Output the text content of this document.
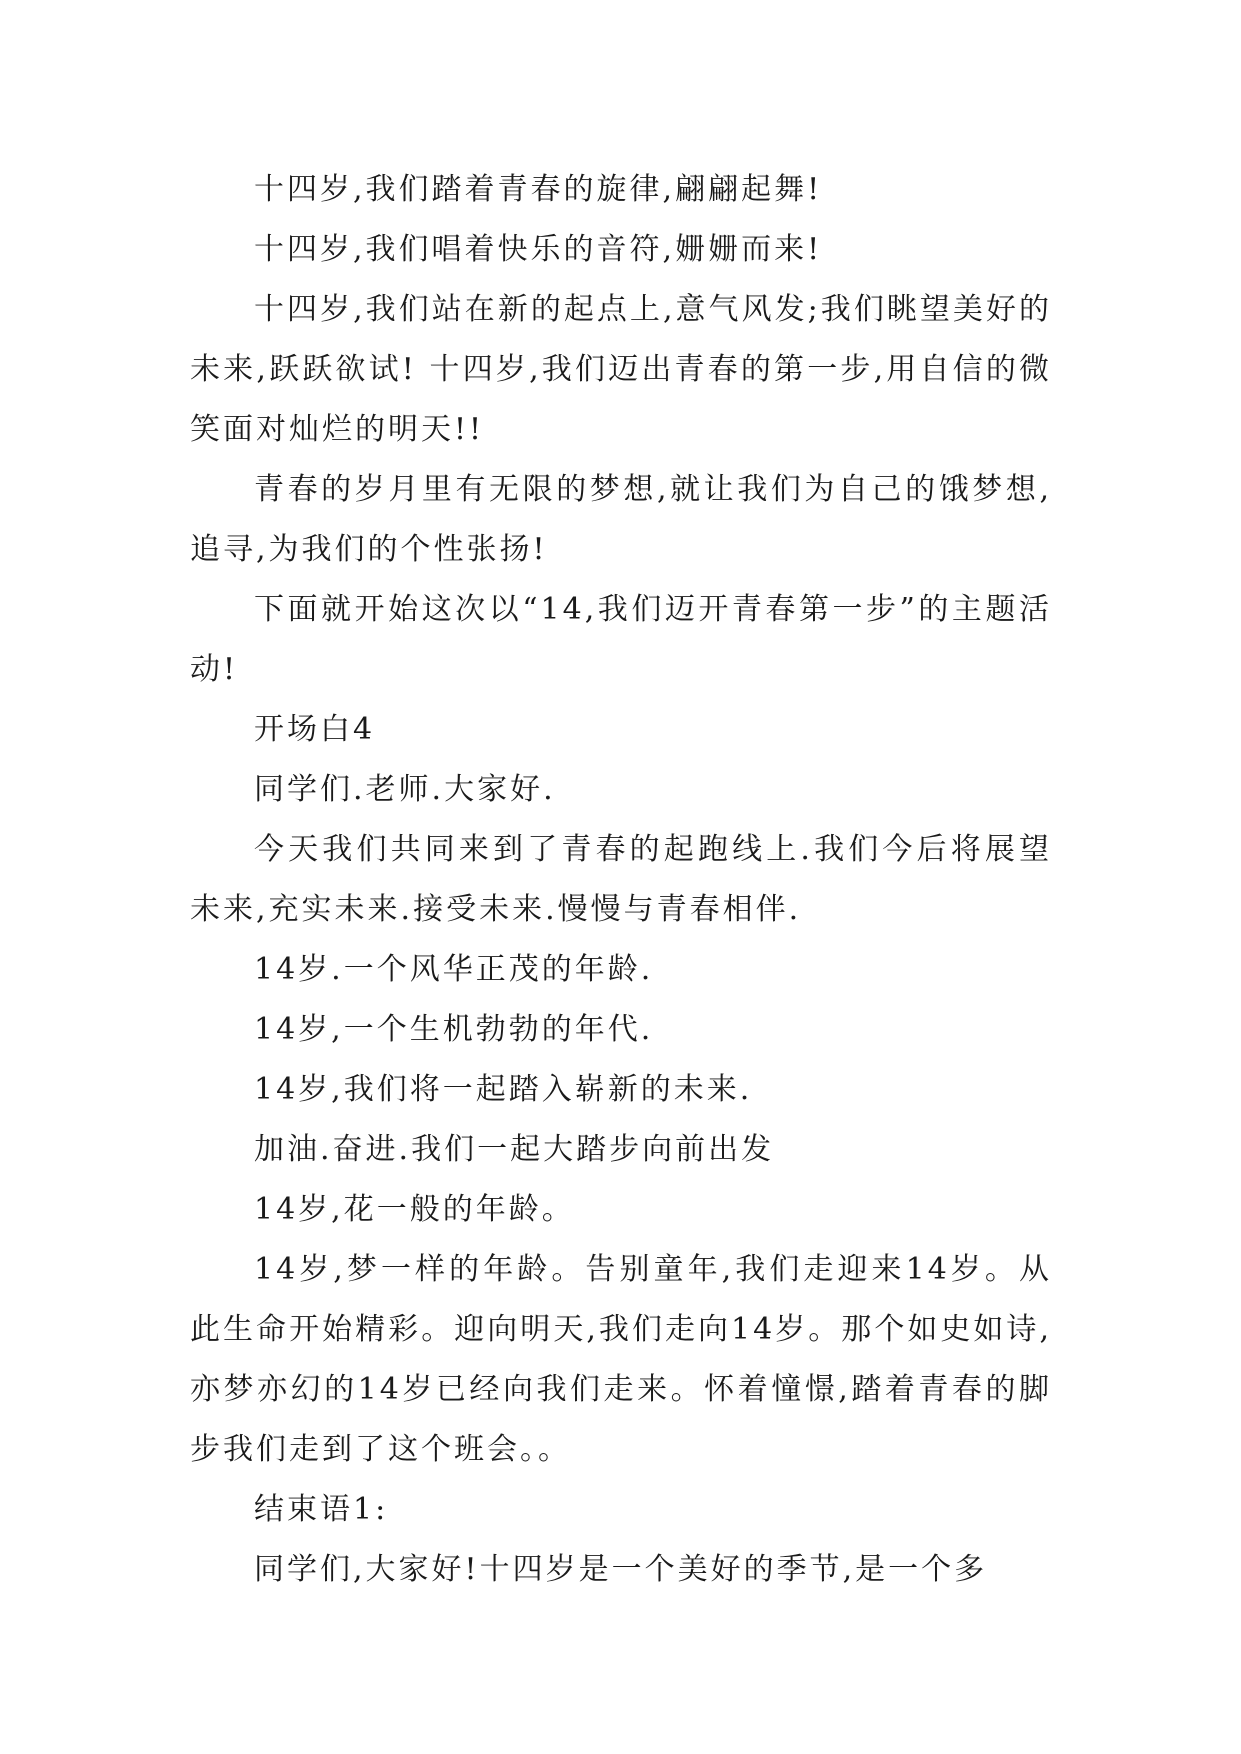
十四岁,我们踏着青春的旋律,翩翩起舞!

十四岁,我们唱着快乐的音符,姗姗而来!

十四岁,我们站在新的起点上,意气风发;我们眺望美好的未来,跃跃欲试! 十四岁,我们迈出青春的第一步,用自信的微笑面对灿烂的明天!!

青春的岁月里有无限的梦想,就让我们为自己的饿梦想,追寻,为我们的个性张扬!

下面就开始这次以“14,我们迈开青春第一步”的主题活动!

开场白4

同学们.老师.大家好.

今天我们共同来到了青春的起跑线上.我们今后将展望未来,充实未来.接受未来.慢慢与青春相伴.

14岁.一个风华正茂的年龄.

14岁,一个生机勃勃的年代.

14岁,我们将一起踏入崭新的未来.

加油.奋进.我们一起大踏步向前出发

14岁,花一般的年龄。

14岁,梦一样的年龄。告别童年,我们走迎来14岁。从此生命开始精彩。迎向明天,我们走向14岁。那个如史如诗,亦梦亦幻的14岁已经向我们走来。怀着憧憬,踏着青春的脚步我们走到了这个班会。。

结束语1:

同学们,大家好!十四岁是一个美好的季节,是一个多
